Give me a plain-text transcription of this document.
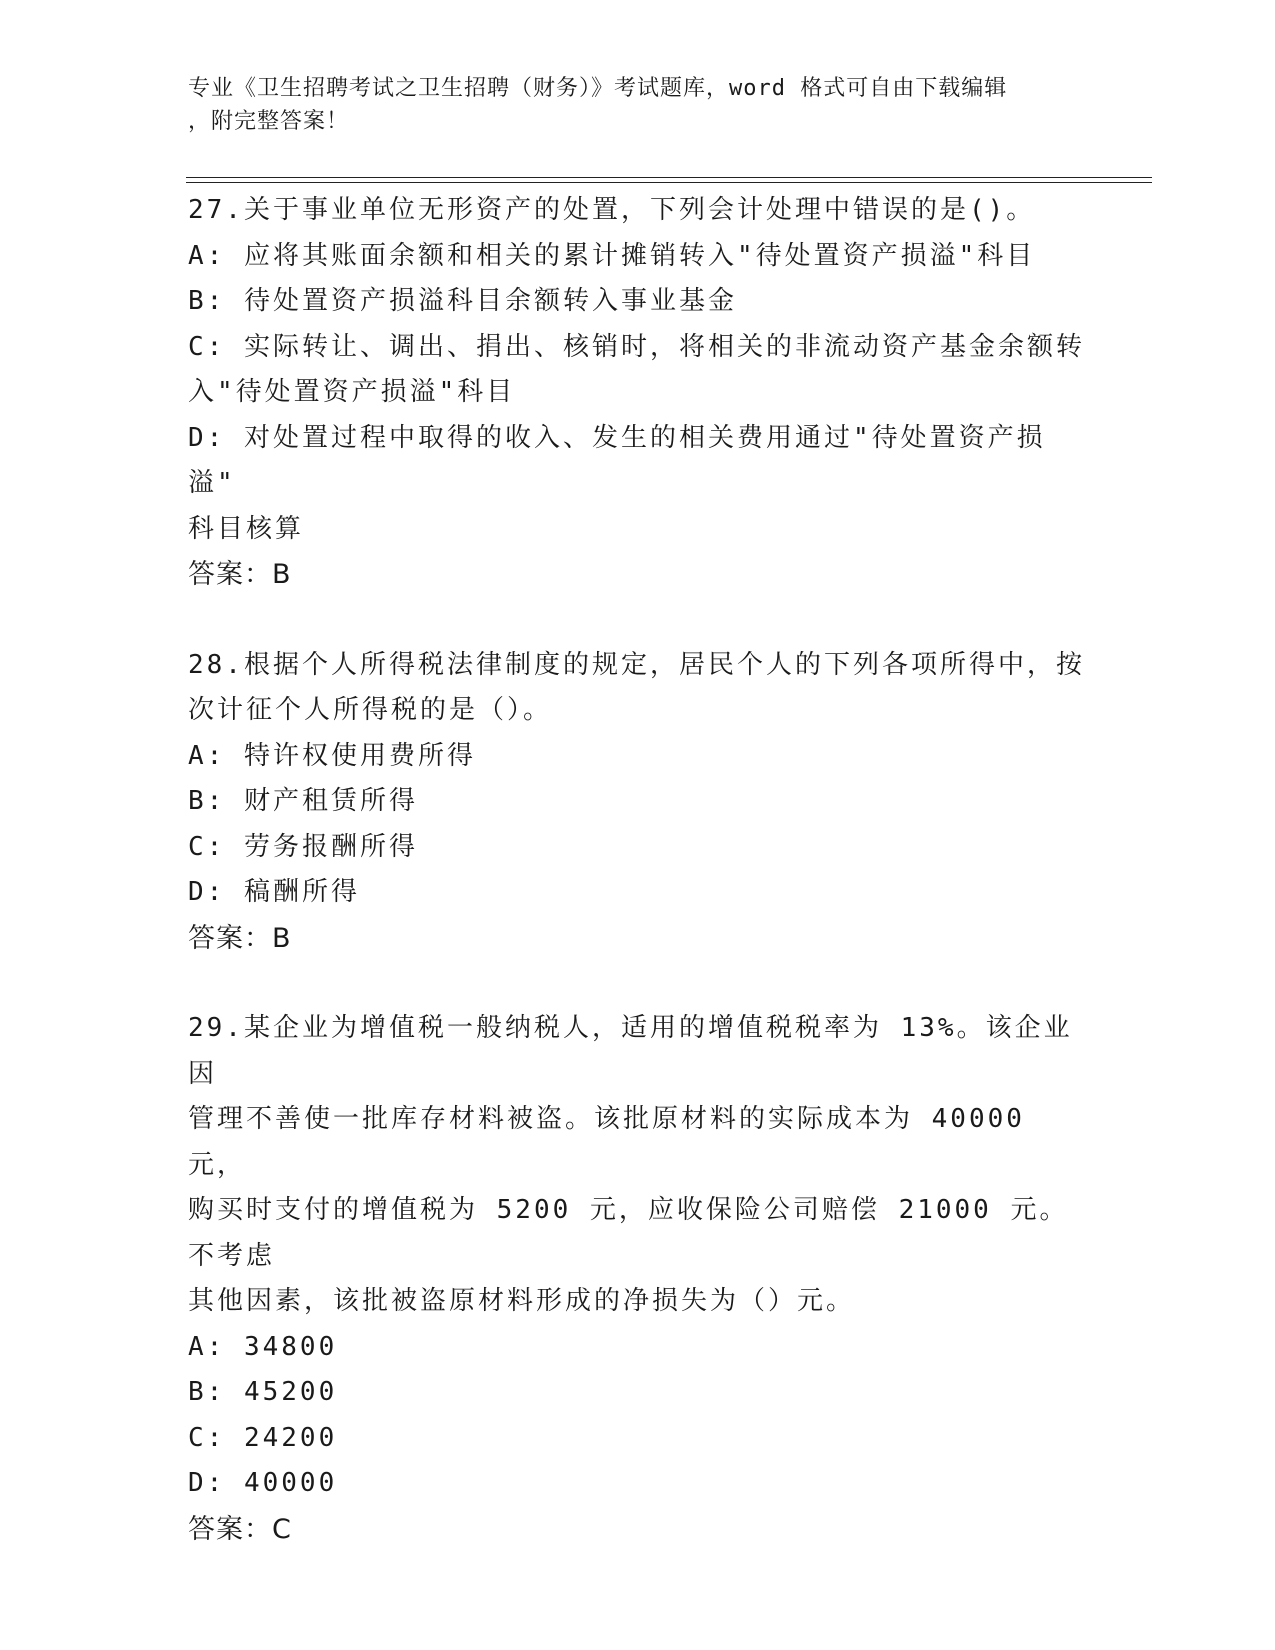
专业《卫生招聘考试之卫生招聘（财务）》考试题库，word 格式可自由下载编辑
，附完整答案！
27.关于事业单位无形资产的处置，下列会计处理中错误的是()。
A: 应将其账面余额和相关的累计摊销转入"待处置资产损溢"科目
B: 待处置资产损溢科目余额转入事业基金
C: 实际转让、调出、捐出、核销时，将相关的非流动资产基金余额转
入"待处置资产损溢"科目
D: 对处置过程中取得的收入、发生的相关费用通过"待处置资产损溢"
科目核算
答案：B
28.根据个人所得税法律制度的规定，居民个人的下列各项所得中，按
次计征个人所得税的是（）。
A: 特许权使用费所得
B: 财产租赁所得
C: 劳务报酬所得
D: 稿酬所得
答案：B
29.某企业为增值税一般纳税人，适用的增值税税率为 13%。该企业因
管理不善使一批库存材料被盗。该批原材料的实际成本为 40000 元，
购买时支付的增值税为 5200 元，应收保险公司赔偿 21000 元。不考虑
其他因素，该批被盗原材料形成的净损失为（）元。
A: 34800
B: 45200
C: 24200
D: 40000
答案：C
